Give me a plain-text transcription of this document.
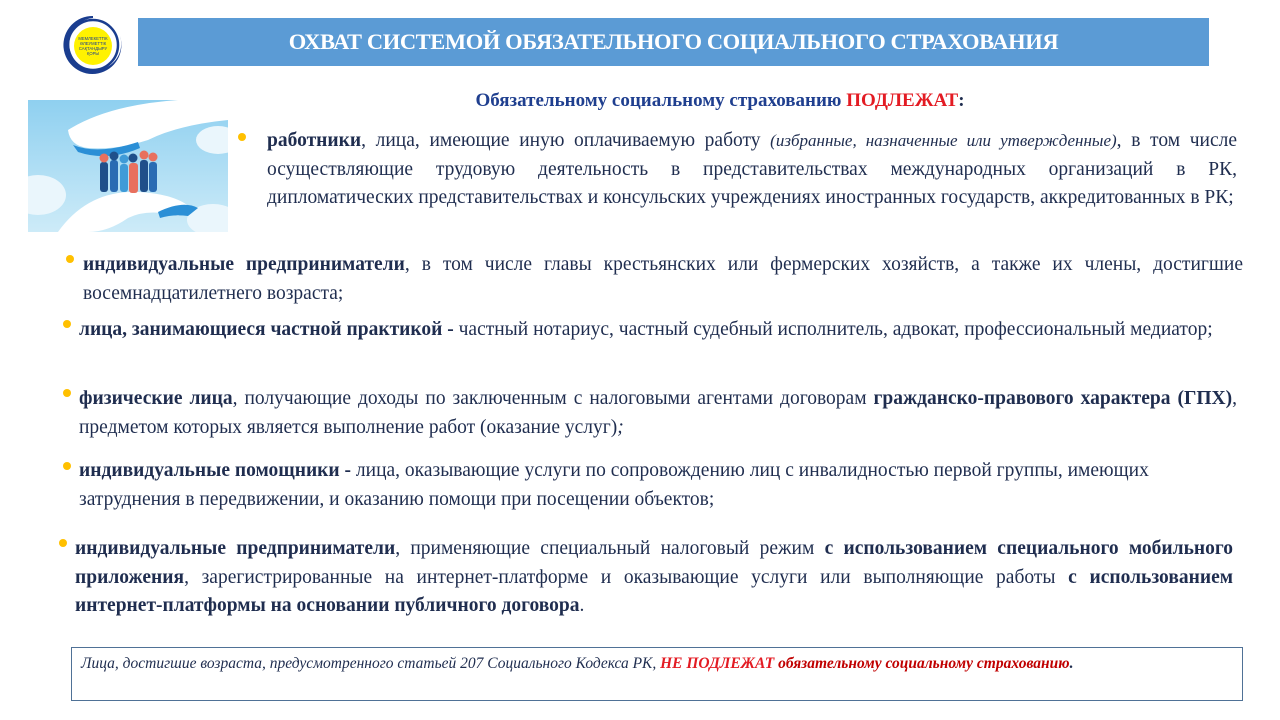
МЕМЛЕКЕТТІК
ӘЛЕУМЕТТІК
САҚТАНДЫРУ
ҚОРЫ	ОХВАТ СИСТЕМОЙ ОБЯЗАТЕЛЬНОГО СОЦИАЛЬНОГО СТРАХОВАНИЯ
Обязательному социальному страхованию ПОДЛЕЖАТ:
работники, лица, имеющие иную оплачиваемую работу (избранные, назначенные или утвержденные), в том числе осуществляющие трудовую деятельность в представительствах международных организаций в РК, дипломатических представительствах и консульских учреждениях иностранных государств, аккредитованных в РК;
индивидуальные предприниматели, в том числе главы крестьянских или фермерских хозяйств, а также их члены, достигшие восемнадцатилетнего возраста;
лица, занимающиеся частной практикой - частный нотариус, частный судебный исполнитель, адвокат, профессиональный медиатор;
физические лица, получающие доходы по заключенным с налоговыми агентами договорам гражданско-правового характера (ГПХ), предметом которых является выполнение работ (оказание услуг);
индивидуальные помощники - лица, оказывающие услуги по сопровождению лиц с инвалидностью первой группы, имеющих затруднения в передвижении, и оказанию помощи при посещении объектов;
индивидуальные предприниматели, применяющие специальный налоговый режим с использованием специального мобильного приложения, зарегистрированные на интернет-платформе и оказывающие услуги или выполняющие работы с использованием интернет-платформы на основании публичного договора.
Лица, достигшие возраста, предусмотренного статьей 207 Социального Кодекса РК, НЕ ПОДЛЕЖАТ обязательному социальному страхованию.
